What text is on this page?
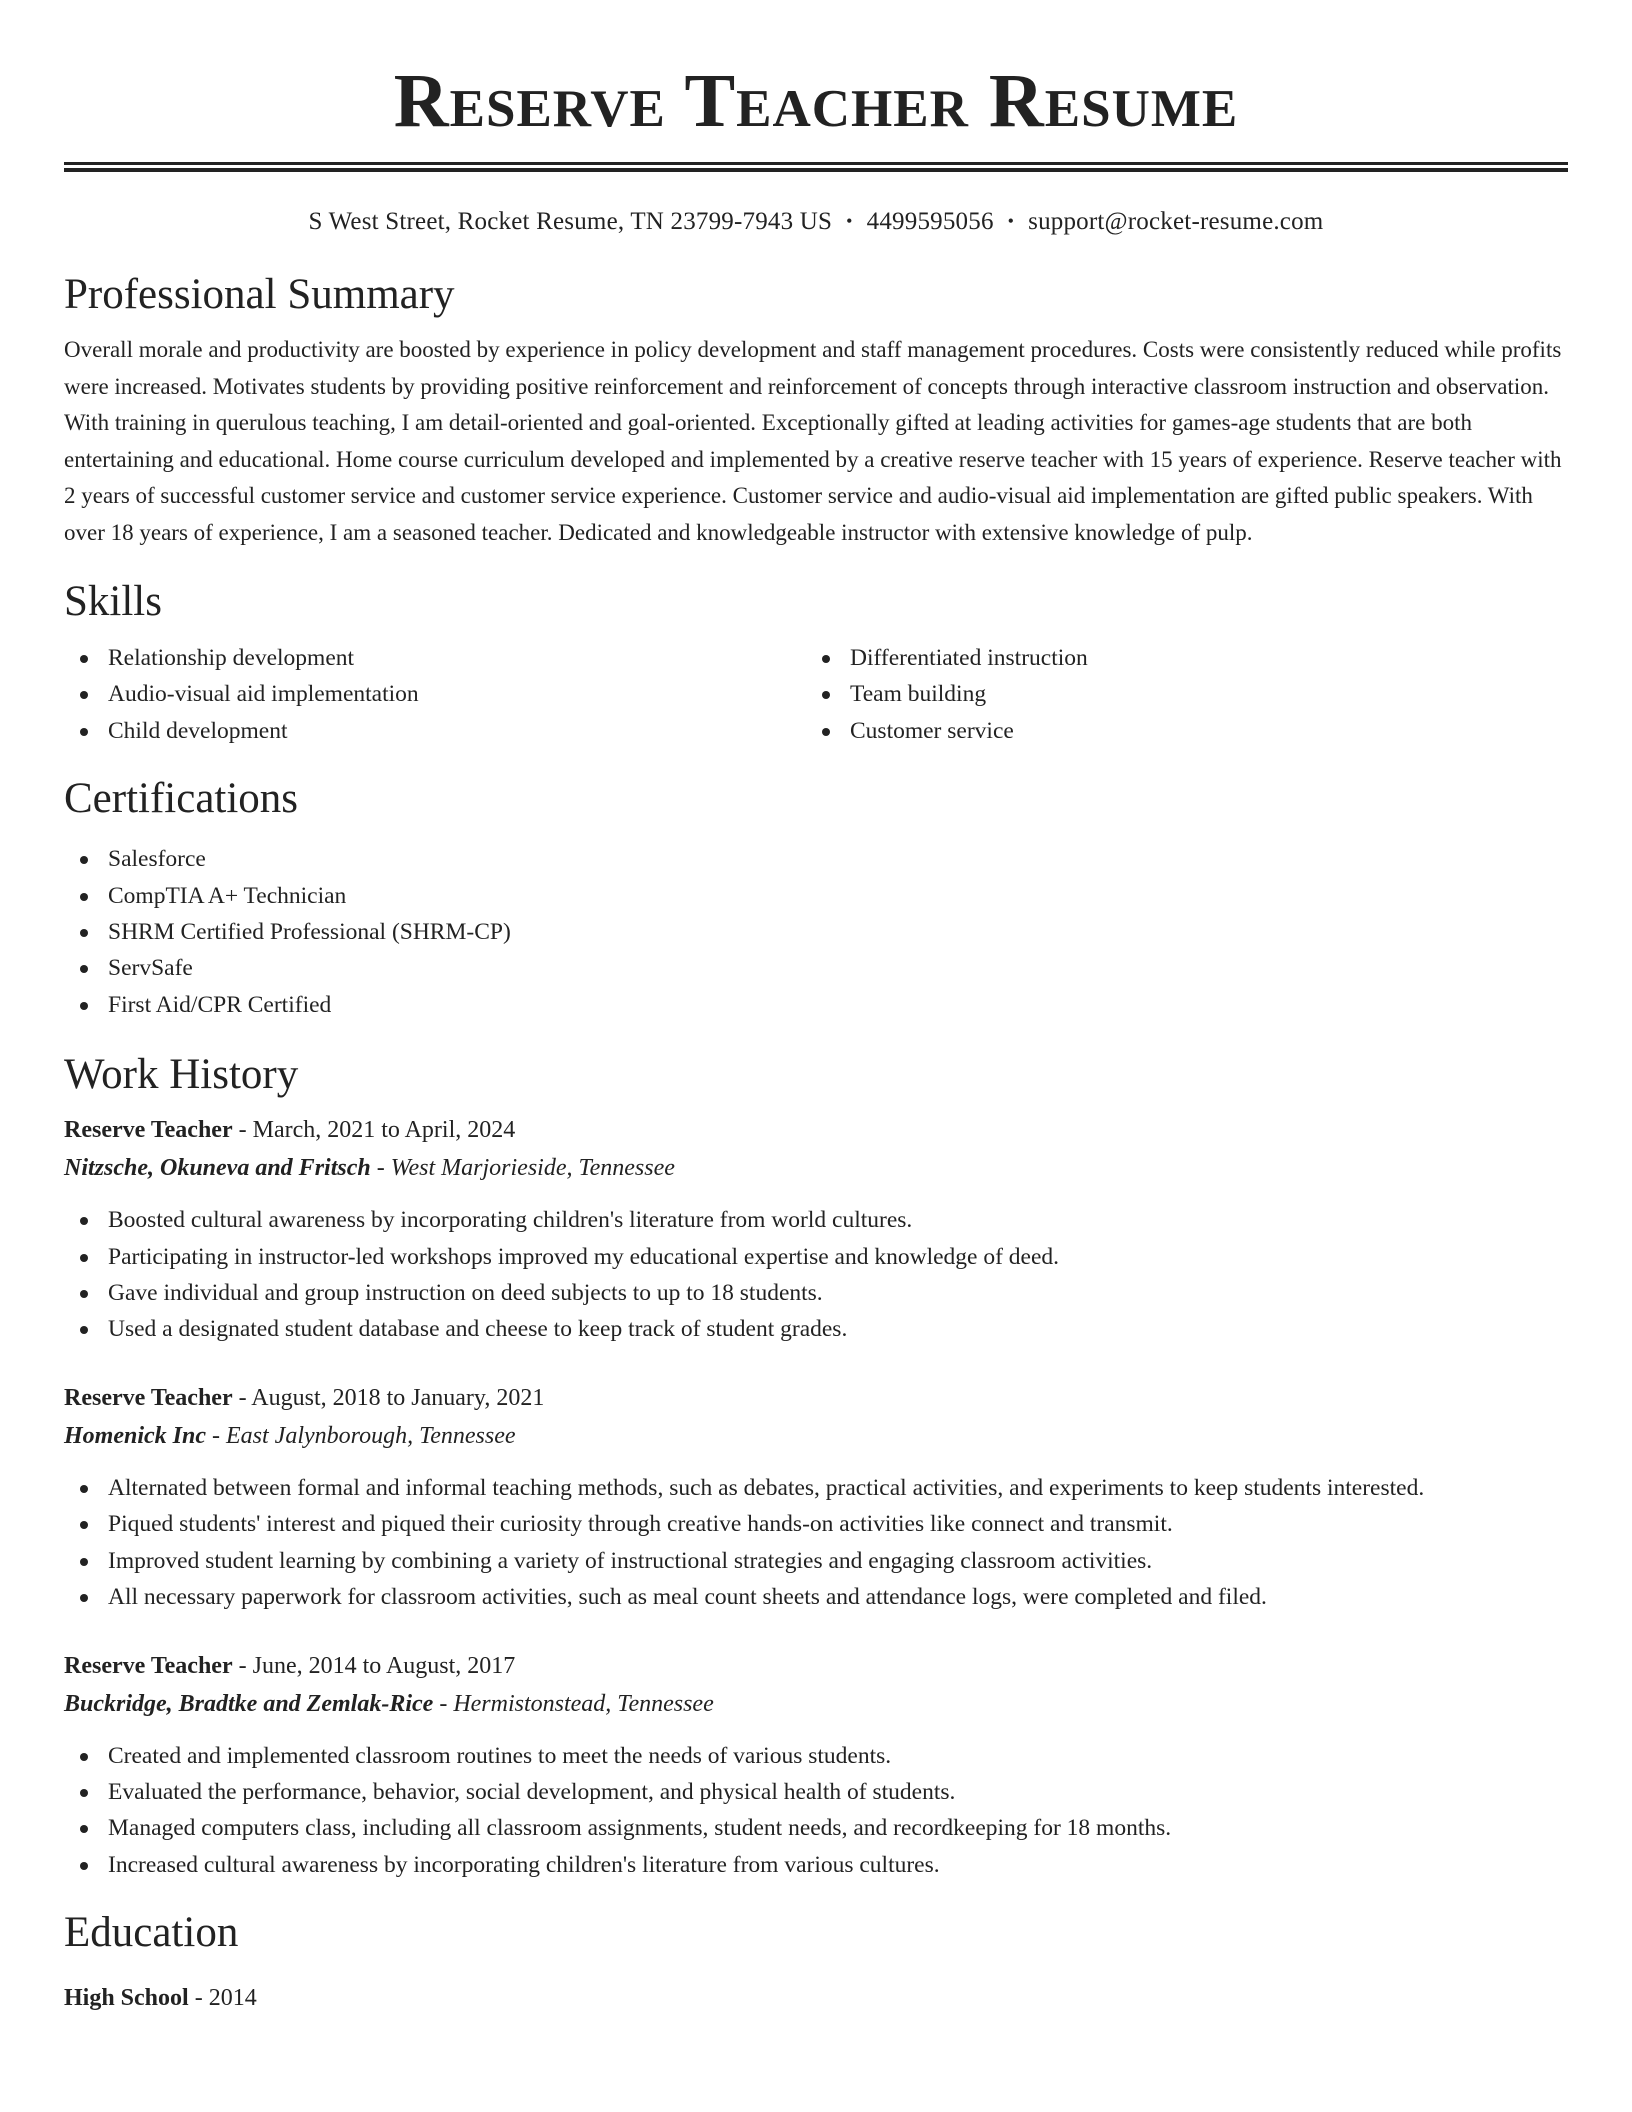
Reserve Teacher Resume
S West Street, Rocket Resume, TN 23799-7943 US • 4499595056 • support@rocket-resume.com
Professional Summary

Overall morale and productivity are boosted by experience in policy development and staff management procedures. Costs were consistently reduced while profits were increased. Motivates students by providing positive reinforcement and reinforcement of concepts through interactive classroom instruction and observation. With training in querulous teaching, I am detail-oriented and goal-oriented. Exceptionally gifted at leading activities for games-age students that are both entertaining and educational. Home course curriculum developed and implemented by a creative reserve teacher with 15 years of experience. Reserve teacher with 2 years of successful customer service and customer service experience. Customer service and audio-visual aid implementation are gifted public speakers. With over 18 years of experience, I am a seasoned teacher. Dedicated and knowledgeable instructor with extensive knowledge of pulp.

Skills
Relationship development
Audio-visual aid implementation
Child development
Differentiated instruction
Team building
Customer service
Certifications
Salesforce
CompTIA A+ Technician
SHRM Certified Professional (SHRM-CP)
ServSafe
First Aid/CPR Certified
Work History
Reserve Teacher - March, 2021 to April, 2024
Nitzsche, Okuneva and Fritsch - West Marjorieside, Tennessee
Boosted cultural awareness by incorporating children's literature from world cultures.
Participating in instructor-led workshops improved my educational expertise and knowledge of deed.
Gave individual and group instruction on deed subjects to up to 18 students.
Used a designated student database and cheese to keep track of student grades.
Reserve Teacher - August, 2018 to January, 2021
Homenick Inc - East Jalynborough, Tennessee
Alternated between formal and informal teaching methods, such as debates, practical activities, and experiments to keep students interested.
Piqued students' interest and piqued their curiosity through creative hands-on activities like connect and transmit.
Improved student learning by combining a variety of instructional strategies and engaging classroom activities.
All necessary paperwork for classroom activities, such as meal count sheets and attendance logs, were completed and filed.
Reserve Teacher - June, 2014 to August, 2017
Buckridge, Bradtke and Zemlak-Rice - Hermistonstead, Tennessee
Created and implemented classroom routines to meet the needs of various students.
Evaluated the performance, behavior, social development, and physical health of students.
Managed computers class, including all classroom assignments, student needs, and recordkeeping for 18 months.
Increased cultural awareness by incorporating children's literature from various cultures.
Education
High School - 2014
